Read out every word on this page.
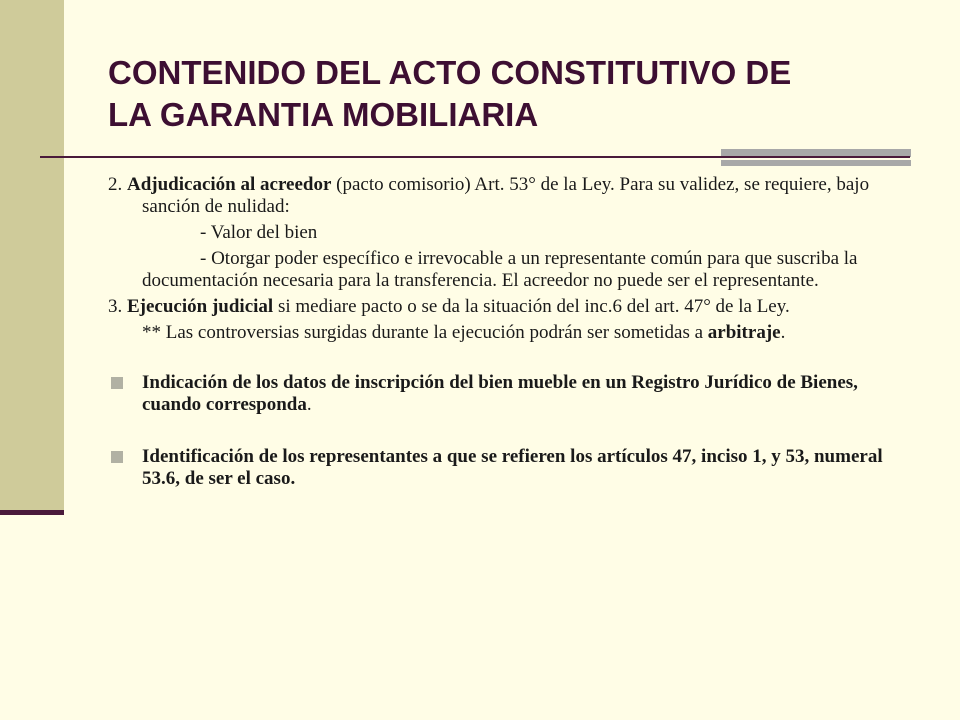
CONTENIDO DEL ACTO CONSTITUTIVO DE
LA GARANTIA MOBILIARIA

2. Adjudicación al acreedor (pacto comisorio) Art. 53° de la Ley. Para su validez, se requiere, bajo sanción de nulidad:

- Valor del bien

- Otorgar poder específico e irrevocable a un representante común para que suscriba la documentación necesaria para la transferencia. El acreedor no puede ser el representante.

3. Ejecución judicial si mediare pacto o se da la situación del inc.6 del art. 47° de la Ley.

** Las controversias surgidas durante la ejecución podrán ser sometidas a arbitraje.

Indicación de los datos de inscripción del bien mueble en un Registro Jurídico de Bienes, cuando corresponda.
Identificación de los representantes a que se refieren los artículos 47, inciso 1, y 53, numeral 53.6, de ser el caso.
